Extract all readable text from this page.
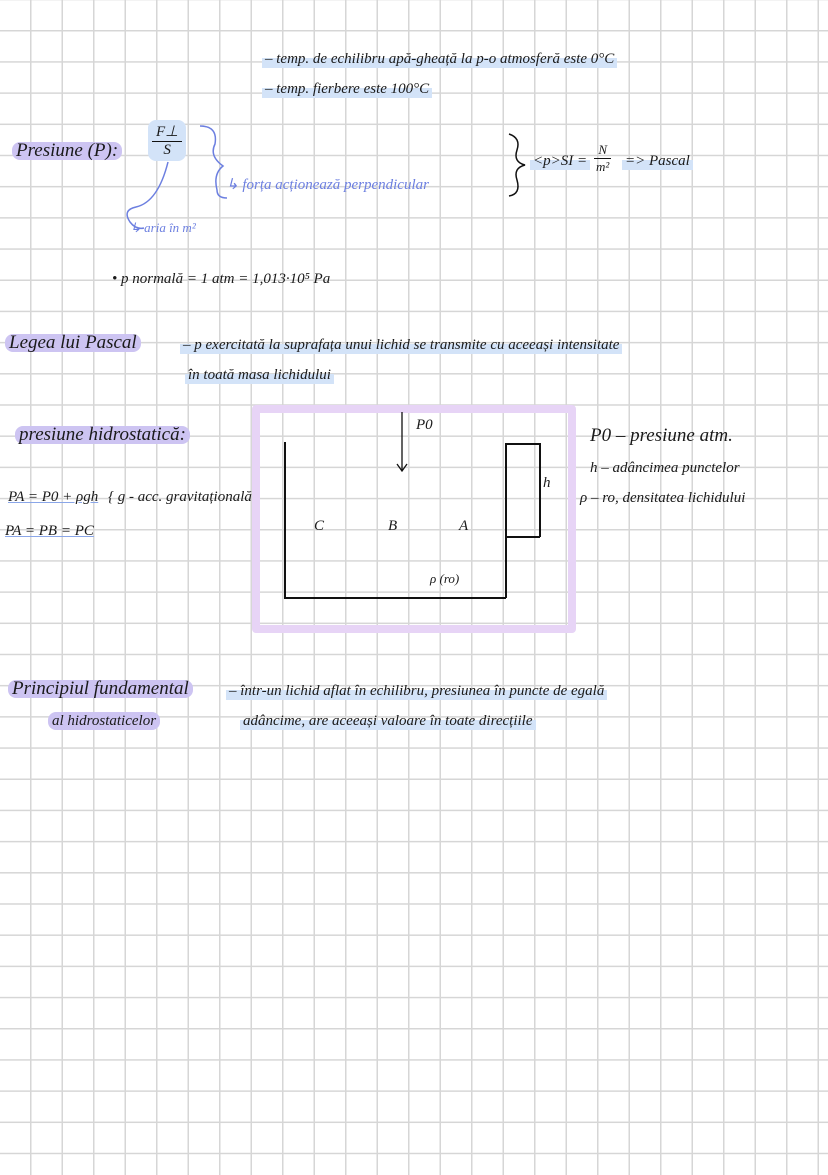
– temp. de echilibru apă-gheață la p-o atmosferă este 0°C
– temp. fierbere este 100°C
Presiune (P): $\frac{F\perp}{S}$
↳ forța acționează perpendicular
↳ aria în m²
$<p>SI = \frac{N}{\text{m²}}$ => Pascal
• p normală = 1 atm = 1,013·10⁵ Pa
Legea lui Pascal	– p exercitată la suprafața unui lichid se transmite cu aceeași intensitate
în toată masa lichidului
presiune hidrostatică:
PA = P0 + ρgh { g - acc. gravitațională
PA = PB = PC
P0
h
C	B	A
ρ (ro)
P0 – presiune atm.
h – adâncimea punctelor
ρ – ro, densitatea lichidului
Principiul fundamental
al hidrostaticelor
– într-un lichid aflat în echilibru, presiunea în puncte de egală
adâncime, are aceeași valoare în toate direcțiile
